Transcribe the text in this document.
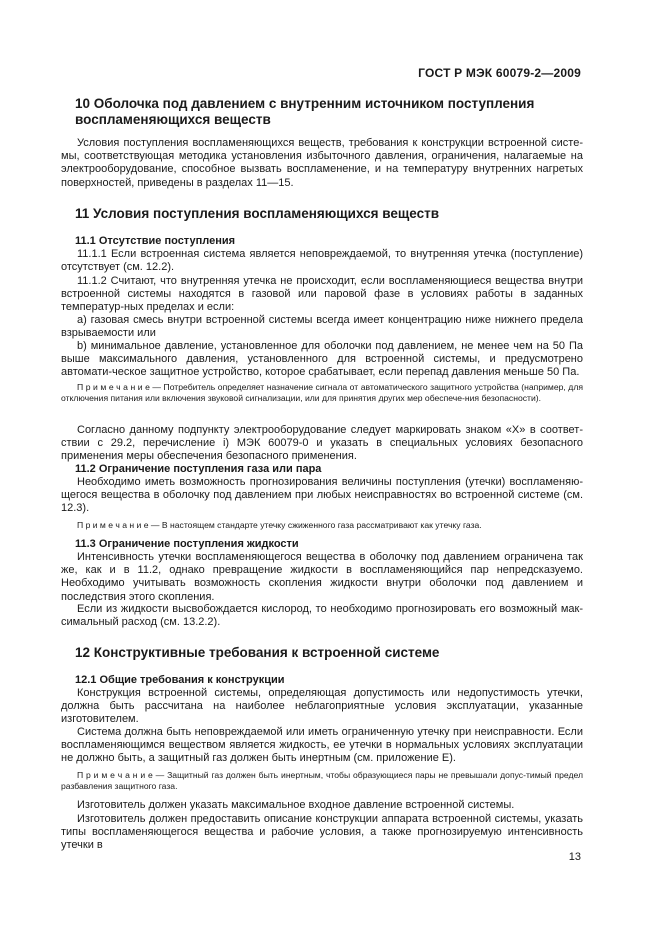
ГОСТ Р МЭК 60079-2—2009
10 Оболочка под давлением с внутренним источником поступления
воспламеняющихся веществ

Условия поступления воспламеняющихся веществ, требования к конструкции встроенной систе-мы, соответствующая методика установления избыточного давления, ограничения, налагаемые на электрооборудование, способное вызвать воспламенение, и на температуру внутренних нагретых поверхностей, приведены в разделах 11—15.

11 Условия поступления воспламеняющихся веществ
11.1 Отсутствие поступления

11.1.1 Если встроенная система является неповреждаемой, то внутренняя утечка (поступление) отсутствует (см. 12.2).

11.1.2 Считают, что внутренняя утечка не происходит, если воспламеняющиеся вещества внутри встроенной системы находятся в газовой или паровой фазе в условиях работы в заданных температур-ных пределах и если:

a) газовая смесь внутри встроенной системы всегда имеет концентрацию ниже нижнего предела взрываемости или

b) минимальное давление, установленное для оболочки под давлением, не менее чем на 50 Па выше максимального давления, установленного для встроенной системы, и предусмотрено автомати-ческое защитное устройство, которое срабатывает, если перепад давления меньше 50 Па.

П р и м е ч а н и е — Потребитель определяет назначение сигнала от автоматического защитного устройства (например, для отключения питания или включения звуковой сигнализации, или для принятия других мер обеспече-ния безопасности).

Согласно данному подпункту электрооборудование следует маркировать знаком «X» в соответ-ствии с 29.2, перечисление i) МЭК 60079-0 и указать в специальных условиях безопасного применения меры обеспечения безопасного применения.

11.2 Ограничение поступления газа или пара

Необходимо иметь возможность прогнозирования величины поступления (утечки) воспламеняю-щегося вещества в оболочку под давлением при любых неисправностях во встроенной системе (см. 12.3).

П р и м е ч а н и е — В настоящем стандарте утечку сжиженного газа рассматривают как утечку газа.

11.3 Ограничение поступления жидкости

Интенсивность утечки воспламеняющегося вещества в оболочку под давлением ограничена так же, как и в 11.2, однако превращение жидкости в воспламеняющийся пар непредсказуемо. Необходимо учитывать возможность скопления жидкости внутри оболочки под давлением и последствия этого скопления.

Если из жидкости высвобождается кислород, то необходимо прогнозировать его возможный мак-симальный расход (см. 13.2.2).

12 Конструктивные требования к встроенной системе
12.1 Общие требования к конструкции

Конструкция встроенной системы, определяющая допустимость или недопустимость утечки, должна быть рассчитана на наиболее неблагоприятные условия эксплуатации, указанные изготовителем.

Система должна быть неповреждаемой или иметь ограниченную утечку при неисправности. Если воспламеняющимся веществом является жидкость, ее утечки в нормальных условиях эксплуатации не должно быть, а защитный газ должен быть инертным (см. приложение Е).

П р и м е ч а н и е — Защитный газ должен быть инертным, чтобы образующиеся пары не превышали допус-тимый предел разбавления защитного газа.

Изготовитель должен указать максимальное входное давление встроенной системы.

Изготовитель должен предоставить описание конструкции аппарата встроенной системы, указать типы воспламеняющегося вещества и рабочие условия, а также прогнозируемую интенсивность утечки в

13
